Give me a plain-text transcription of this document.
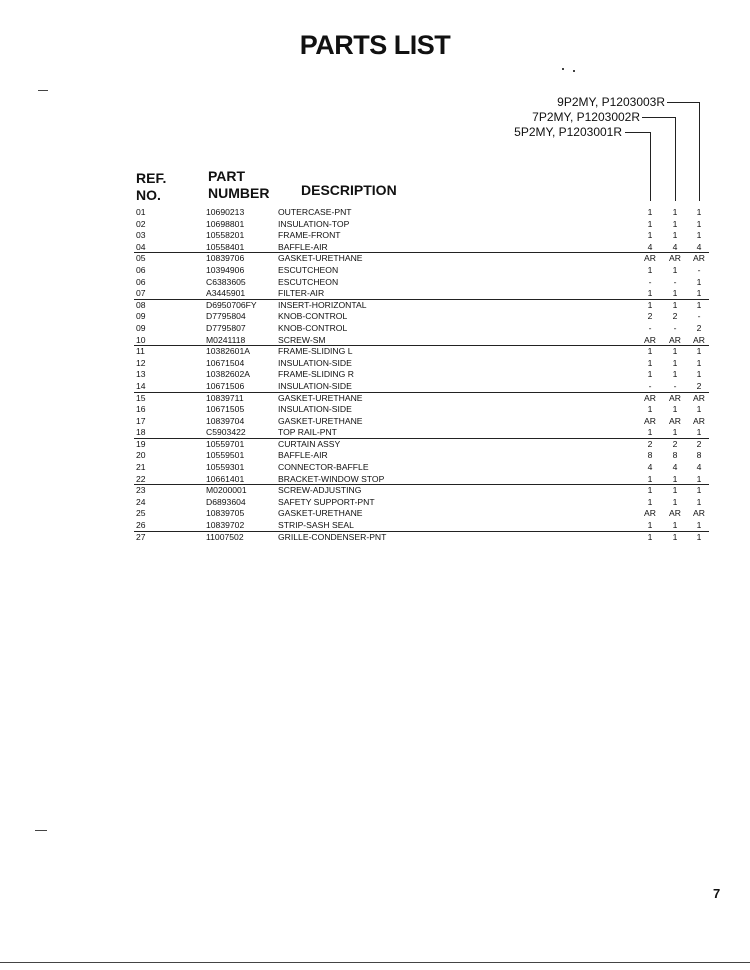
PARTS LIST
9P2MY, P1203003R
7P2MY, P1203002R
5P2MY, P1203001R
REF.
NO.
PART
NUMBER DESCRIPTION
01	10690213	OUTERCASE-PNT	1	1	1
02	10698801	INSULATION-TOP	1	1	1
03	10558201	FRAME-FRONT	1	1	1
04	10558401	BAFFLE-AIR	4	4	4
05	10839706	GASKET-URETHANE	AR AR AR
06	10394906	ESCUTCHEON	1	1	-
06	C6383605	ESCUTCHEON	-	-	1
07	A3445901	FILTER-AIR	1	1	1
08	D6950706FY INSERT-HORIZONTAL	1	1	1
09	D7795804	KNOB-CONTROL	2	2	-
09	D7795807	KNOB-CONTROL	-	-	2
10	M0241118	SCREW-SM	AR AR AR
11	10382601A	FRAME-SLIDING L	1	1	1
12	10671504	INSULATION-SIDE	1	1	1
13	10382602A	FRAME-SLIDING R	1	1	1
14	10671506	INSULATION-SIDE	-	-	2
15	10839711	GASKET-URETHANE	AR AR AR
16	10671505	INSULATION-SIDE	1	1	1
17	10839704	GASKET-URETHANE	AR AR AR
18	C5903422	TOP RAIL-PNT	1	1	1
19	10559701	CURTAIN ASSY	2	2	2
20	10559501	BAFFLE-AIR	8	8	8
21	10559301	CONNECTOR-BAFFLE	4	4	4
22	10661401	BRACKET-WINDOW STOP	1	1	1
23	M0200001	SCREW-ADJUSTING	1	1	1
24	D6893604	SAFETY SUPPORT-PNT	1	1	1
25	10839705	GASKET-URETHANE	AR AR AR
26	10839702	STRIP-SASH SEAL	1	1	1
27	11007502	GRILLE-CONDENSER-PNT	1	1	1
7
